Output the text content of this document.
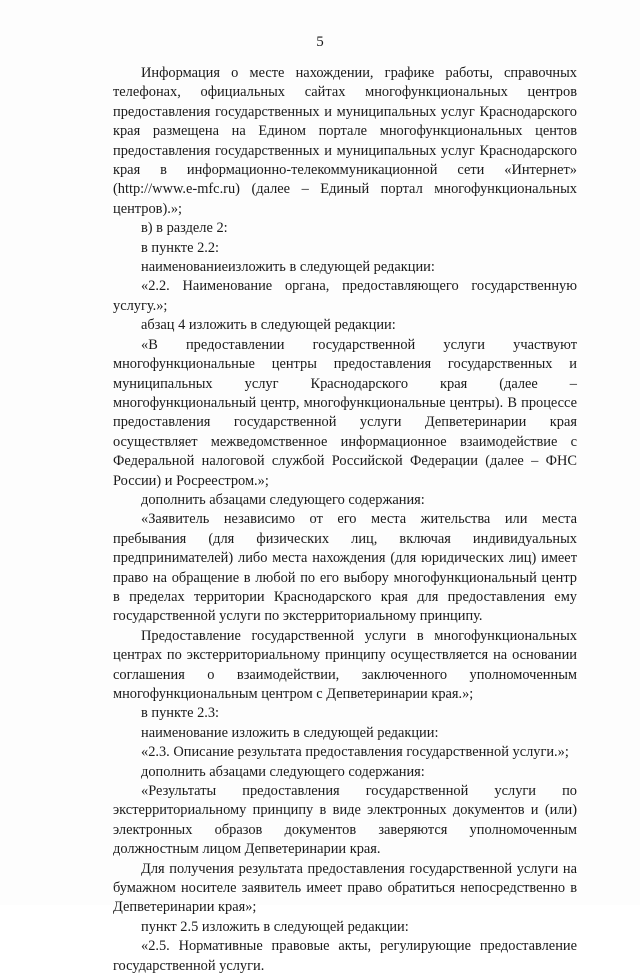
5

Информация о месте нахождении, графике работы, справочных телефонах, официальных сайтах многофункциональных центров предоставления государственных и муниципальных услуг Краснодарского края размещена на Едином портале многофункциональных центов предоставления государственных и муниципальных услуг Краснодарского края в информационно-телекоммуникационной сети «Интернет» (http://www.e-mfc.ru) (далее – Единый портал многофункциональных центров).»;

в) в разделе 2:

в пункте 2.2:

наименованиеизложить в следующей редакции:

«2.2. Наименование органа, предоставляющего государственную услугу.»;

абзац 4 изложить в следующей редакции:

«В предоставлении государственной услуги участвуют многофункциональные центры предоставления государственных и муниципальных услуг Краснодарского края (далее – многофункциональный центр, многофункциональные центры). В процессе предоставления государственной услуги Депветеринарии края осуществляет межведомственное информационное взаимодействие с Федеральной налоговой службой Российской Федерации (далее – ФНС России) и Росреестром.»;

дополнить абзацами следующего содержания:

«Заявитель независимо от его места жительства или места пребывания (для физических лиц, включая индивидуальных предпринимателей) либо места нахождения (для юридических лиц) имеет право на обращение в любой по его выбору многофункциональный центр в пределах территории Краснодарского края для предоставления ему государственной услуги по экстерриториальному принципу.

Предоставление государственной услуги в многофункциональных центрах по экстерриториальному принципу осуществляется на основании соглашения о взаимодействии, заключенного уполномоченным многофункциональным центром с Депветеринарии края.»;

в пункте 2.3:

наименование изложить в следующей редакции:

«2.3. Описание результата предоставления государственной услуги.»;

дополнить абзацами следующего содержания:

«Результаты предоставления государственной услуги по экстерриториальному принципу в виде электронных документов и (или) электронных образов документов заверяются уполномоченным должностным лицом Депветеринарии края.

Для получения результата предоставления государственной услуги на бумажном носителе заявитель имеет право обратиться непосредственно в Депветеринарии края»;

пункт 2.5 изложить в следующей редакции:

«2.5. Нормативные правовые акты, регулирующие предоставление государственной услуги.
